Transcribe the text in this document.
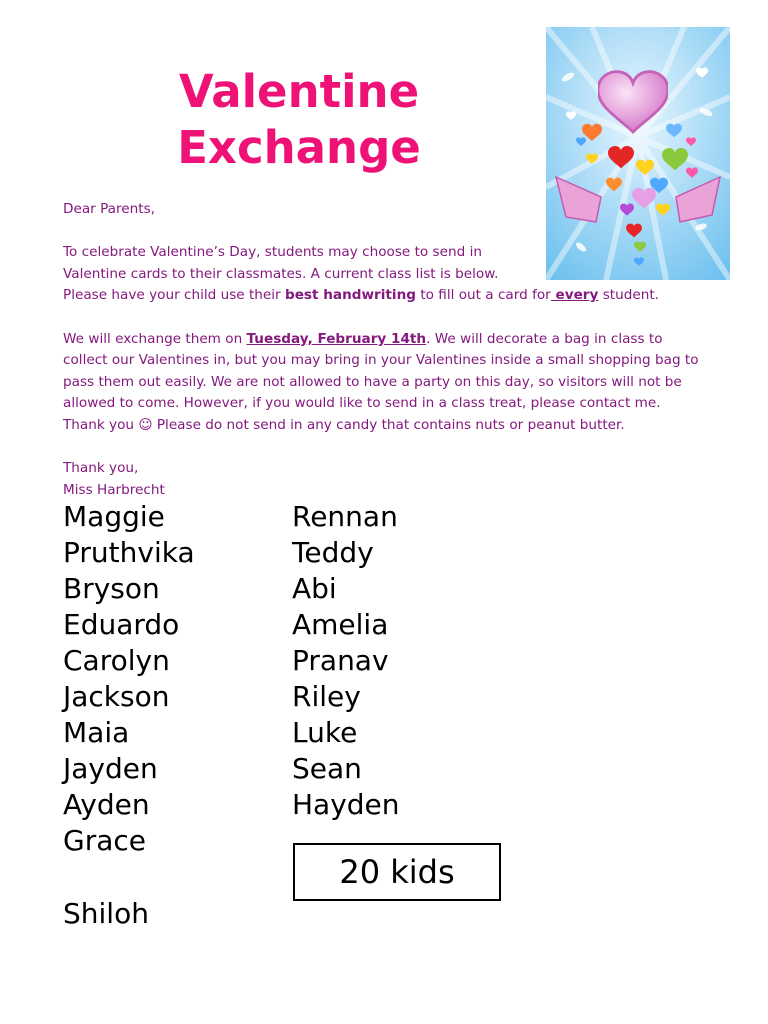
Valentine
Exchange

Dear Parents,

To celebrate Valentine’s Day, students may choose to send in

Valentine cards to their classmates. A current class list is below.

Please have your child use their best handwriting to fill out a card for every student.

We will exchange them on Tuesday, February 14th. We will decorate a bag in class to

collect our Valentines in, but you may bring in your Valentines inside a small shopping bag to

pass them out easily. We are not allowed to have a party on this day, so visitors will not be

allowed to come. However, if you would like to send in a class treat, please contact me.

Thank you ☺ Please do not send in any candy that contains nuts or peanut butter.

Thank you,

Miss Harbrecht

Maggie
Pruthvika
Bryson
Eduardo
Carolyn
Jackson
Maia
Jayden
Ayden
Grace
Rennan
Teddy
Abi
Amelia
Pranav
Riley
Luke
Sean
Hayden
Shiloh
20 kids
